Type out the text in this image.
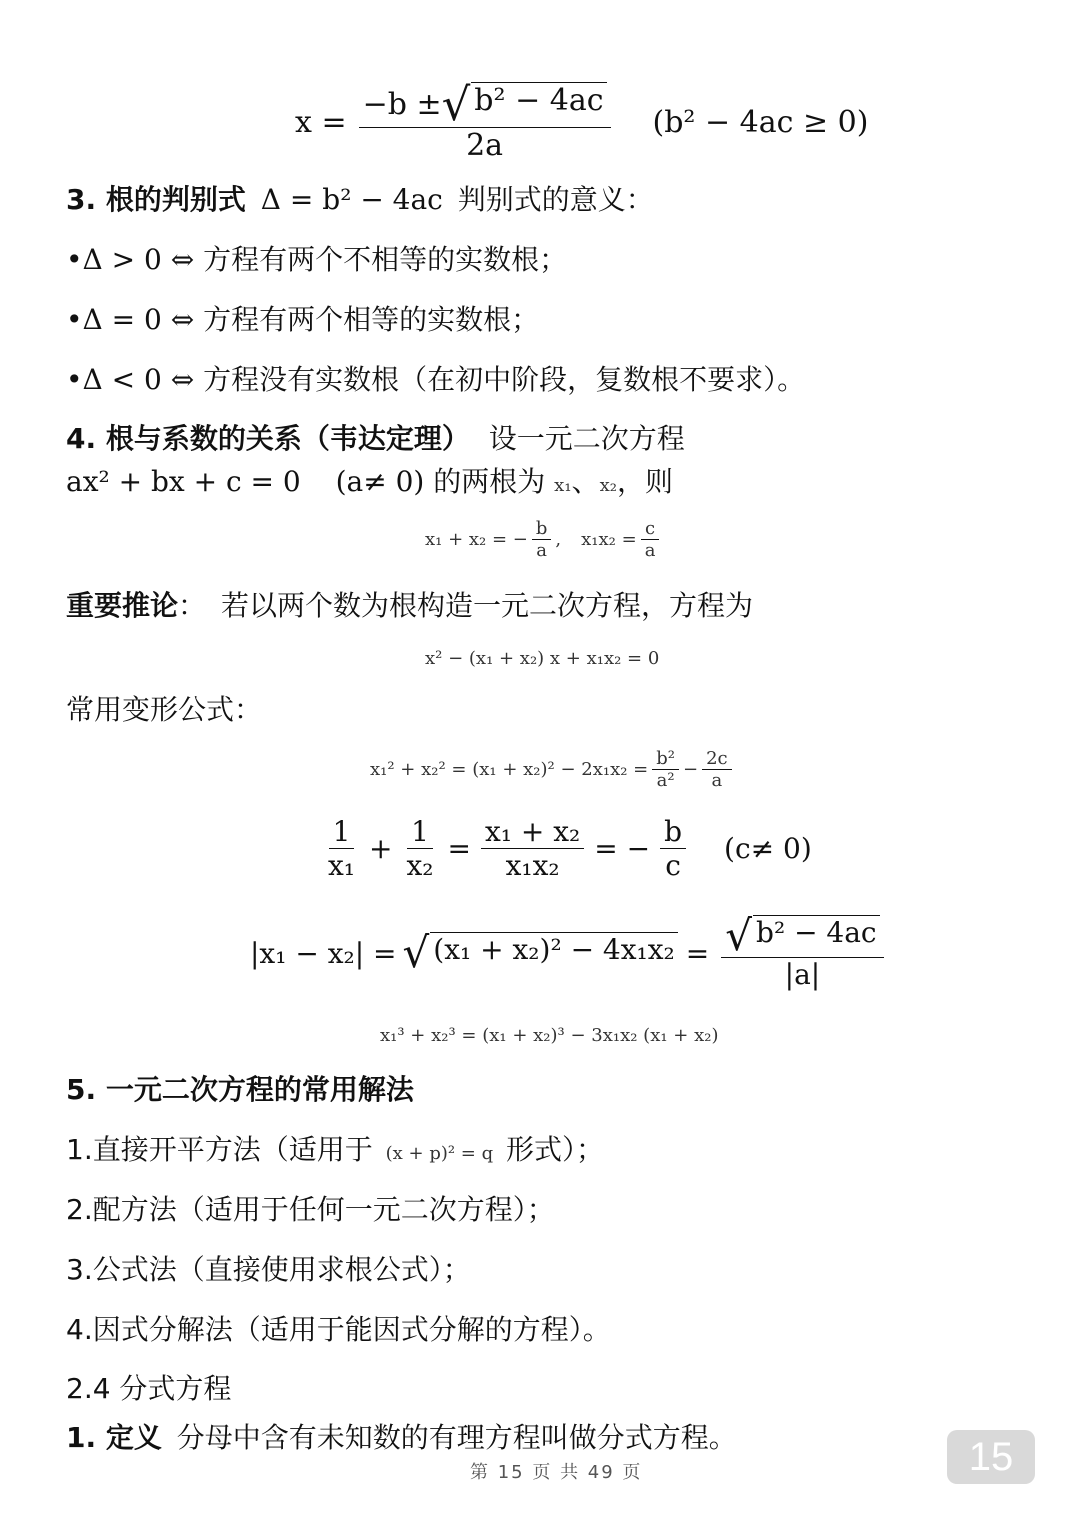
$x = \frac{\text{−b ± √ b² − 4ac}}{2a} (b^2 - 4ac \ge 0)$
3. 根的判别式 Δ = b² − 4ac 判别式的意义：
•Δ > 0 ⇔ 方程有两个不相等的实数根；
•Δ = 0 ⇔ 方程有两个相等的实数根；
•Δ < 0 ⇔ 方程没有实数根（在初中阶段，复数根不要求）。
4. 根与系数的关系（韦达定理） 设一元二次方程
ax² + bx + c = 0 (a≠ 0) 的两根为 x₁、x₂，则
x₁ + x₂ = − $\frac{b}{a}$ , $x_1x_2 = \frac{c}{a}$
重要推论： 若以两个数为根构造一元二次方程，方程为
x² − (x₁ + x₂) x + x₁x₂ = 0
常用变形公式：
$x_1^2 + x_2^2 = (x_1 + x_2)^2 - 2x_1x_2 = \frac{\text{b²}}{\text{a²}} - \frac{2c}{a}$
$\frac{1}{\text{x₁}} + \frac{1}{\text{x₂}} = \frac{\text{x₁ + x₂}}{\text{x₁x₂}}$ = − $\frac{b}{c} (c\ne 0)$
|x₁ − x₂| = √ $(x_1 + x_2)^2 - 4x_1x_2 = \frac{\text{√ b² − 4ac}}{|a|}$
x₁³ + x₂³ = (x₁ + x₂)³ − 3x₁x₂ (x₁ + x₂)
5. 一元二次方程的常用解法
1.直接开平方法（适用于 (x + p)² = q 形式）；
2.配方法（适用于任何一元二次方程）；
3.公式法（直接使用求根公式）；
4.因式分解法（适用于能因式分解的方程）。
2.4 分式方程
1. 定义 分母中含有未知数的有理方程叫做分式方程。
第 15 页 共 49 页	15
